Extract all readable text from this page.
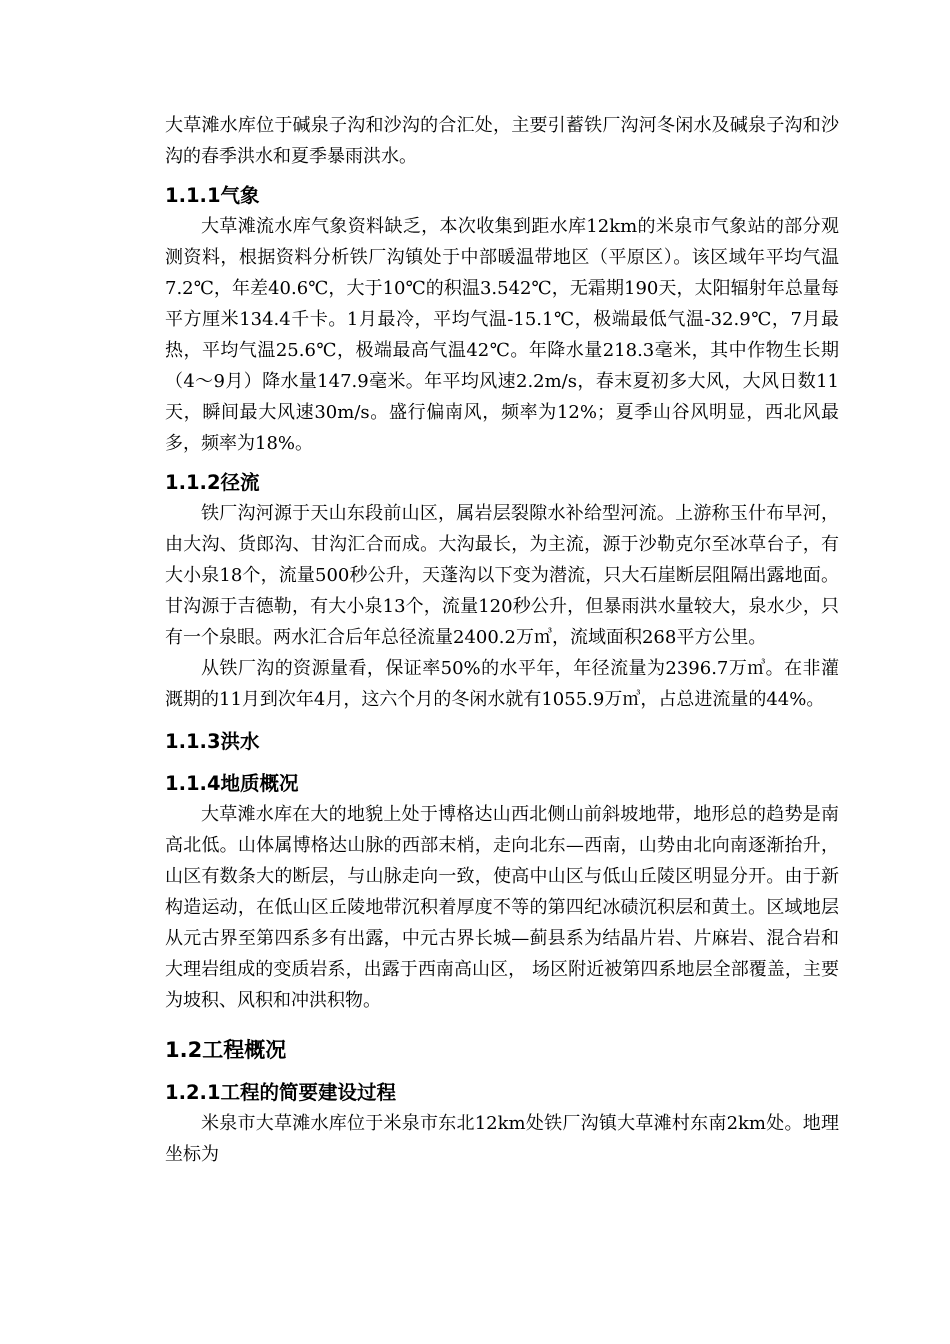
大草滩水库位于碱泉子沟和沙沟的合汇处，主要引蓄铁厂沟河冬闲水及碱泉子沟和沙沟的春季洪水和夏季暴雨洪水。

1.1.1气象

大草滩流水库气象资料缺乏，本次收集到距水库12km的米泉市气象站的部分观测资料，根据资料分析铁厂沟镇处于中部暖温带地区（平原区）。该区域年平均气温7.2℃，年差40.6℃，大于10℃的积温3.542℃，无霜期190天，太阳辐射年总量每平方厘米134.4千卡。1月最冷，平均气温-15.1℃，极端最低气温-32.9℃，7月最热，平均气温25.6℃，极端最高气温42℃。年降水量218.3毫米，其中作物生长期（4～9月）降水量147.9毫米。年平均风速2.2m/s，春末夏初多大风，大风日数11天，瞬间最大风速30m/s。盛行偏南风，频率为12%；夏季山谷风明显，西北风最多，频率为18%。

1.1.2径流

铁厂沟河源于天山东段前山区，属岩层裂隙水补给型河流。上游称玉什布早河，由大沟、货郎沟、甘沟汇合而成。大沟最长，为主流，源于沙勒克尔至冰草台子，有大小泉18个，流量500秒公升，天蓬沟以下变为潜流，只大石崖断层阻隔出露地面。甘沟源于吉德勒，有大小泉13个，流量120秒公升，但暴雨洪水量较大，泉水少，只有一个泉眼。两水汇合后年总径流量2400.2万㎥，流域面积268平方公里。

从铁厂沟的资源量看，保证率50%的水平年，年径流量为2396.7万㎥。在非灌溉期的11月到次年4月，这六个月的冬闲水就有1055.9万㎥，占总进流量的44%。

1.1.3洪水
1.1.4地质概况

大草滩水库在大的地貌上处于博格达山西北侧山前斜坡地带，地形总的趋势是南高北低。山体属博格达山脉的西部末梢，走向北东—西南，山势由北向南逐渐抬升，山区有数条大的断层，与山脉走向一致，使高中山区与低山丘陵区明显分开。由于新构造运动，在低山区丘陵地带沉积着厚度不等的第四纪冰碛沉积层和黄土。区域地层从元古界至第四系多有出露，中元古界长城—蓟县系为结晶片岩、片麻岩、混合岩和大理岩组成的变质岩系，出露于西南高山区， 场区附近被第四系地层全部覆盖，主要为坡积、风积和冲洪积物。

1.2工程概况
1.2.1工程的简要建设过程

米泉市大草滩水库位于米泉市东北12km处铁厂沟镇大草滩村东南2km处。地理坐标为
